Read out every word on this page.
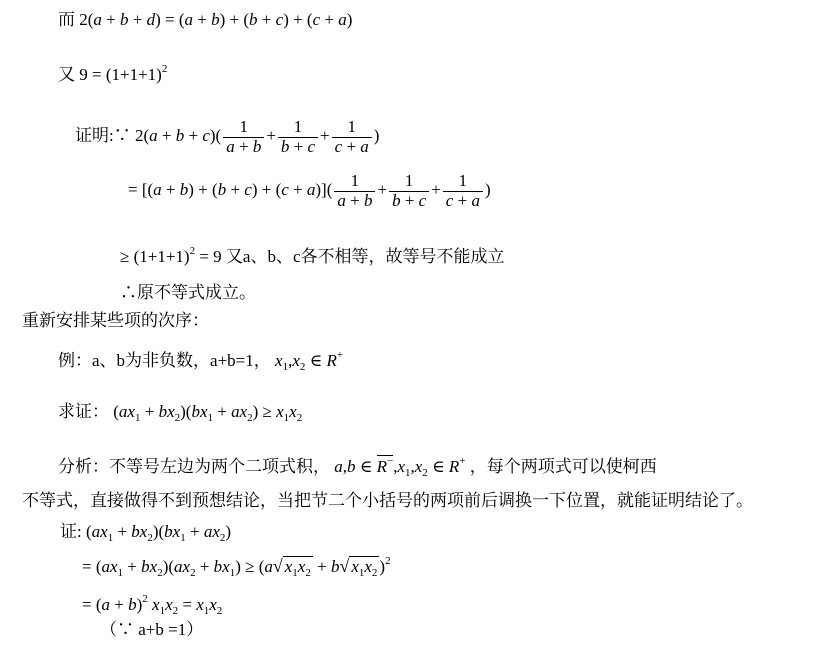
而 2(a + b + d) = (a + b) + (b + c) + (c + a)
又 $9 = (1+1+1)^2$
证明:∵ $2(a + b + c)( \frac{1}{a + b} + \frac{1}{b + c} + \frac{1}{c + a}$ )
= $[(a + b) + (b + c) + (c + a)]( \frac{1}{a + b} + \frac{1}{b + c} + \frac{1}{c + a}$ )
≥ $(1+1+1)^2 = 9$ 又a、b、c各不相等，故等号不能成立
∴原不等式成立。
重新安排某些项的次序：
例：a、b为非负数，a+b=1， $x_1,x_2$ ∈ R+
求证： $(ax_1 + bx_2)(bx_1 + ax_2) \ge x_1x_2$
分析：不等号左边为两个二项式积， a,b ∈ $R^-,x_1,x_2$ ∈ R+ ，每个两项式可以使柯西
不等式，直接做得不到预想结论，当把节二个小括号的两项前后调换一下位置，就能证明结论了。
证: $(ax_1 + bx_2)(bx_1 + ax_2)$
= $(ax_1 + bx_2)(ax_2 + bx_1) \ge (a√$ $x_1x_2 + b√$ $x_1x_2$ )$^2$
= $(a + b)^2$ $x_1x_2 = x_1x_2$
（∵ a+b =1）
